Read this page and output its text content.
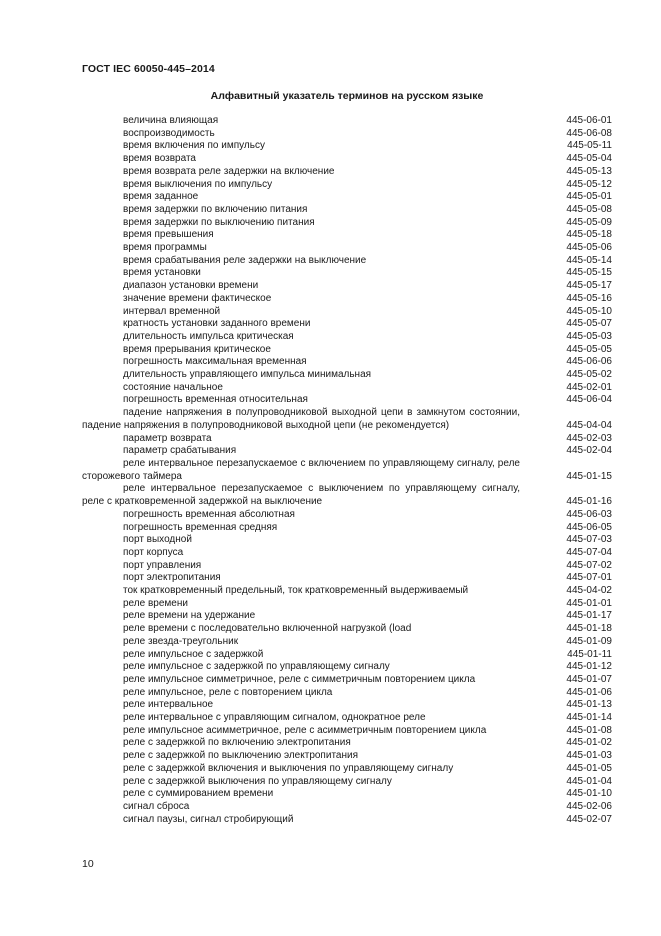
ГОСТ IEC 60050-445–2014
Алфавитный указатель терминов на русском языке
величина влияющая	445-06-01
воспроизводимость	445-06-08
время включения по импульсу	445-05-11
время возврата	445-05-04
время возврата реле задержки на включение	445-05-13
время выключения по импульсу	445-05-12
время заданное	445-05-01
время задержки по включению питания	445-05-08
время задержки по выключению питания	445-05-09
время превышения	445-05-18
время программы	445-05-06
время срабатывания реле задержки на выключение	445-05-14
время установки	445-05-15
диапазон установки времени	445-05-17
значение времени фактическое	445-05-16
интервал временной	445-05-10
кратность установки заданного времени	445-05-07
длительность импульса критическая	445-05-03
время прерывания критическое	445-05-05
погрешность максимальная временная	445-06-06
длительность управляющего импульса минимальная	445-05-02
состояние начальное	445-02-01
погрешность временная относительная	445-06-04
падение напряжения в полупроводниковой выходной цепи в замкнутом состоянии, падение напряжения в полупроводниковой выходной цепи (не рекомендуется)	445-04-04
параметр возврата	445-02-03
параметр срабатывания	445-02-04
реле интервальное перезапускаемое с включением по управляющему сигналу, реле сторожевого таймера	445-01-15
реле интервальное перезапускаемое с выключением по управляющему сигналу, реле с кратковременной задержкой на выключение	445-01-16
погрешность временная абсолютная	445-06-03
погрешность временная средняя	445-06-05
порт выходной	445-07-03
порт корпуса	445-07-04
порт управления	445-07-02
порт электропитания	445-07-01
ток кратковременный предельный, ток кратковременный выдерживаемый	445-04-02
реле времени	445-01-01
реле времени на удержание	445-01-17
реле времени с последовательно включенной нагрузкой (load	445-01-18
реле звезда-треугольник	445-01-09
реле импульсное с задержкой	445-01-11
реле импульсное с задержкой по управляющему сигналу	445-01-12
реле импульсное симметричное, реле с симметричным повторением цикла	445-01-07
реле импульсное, реле с повторением цикла	445-01-06
реле интервальное	445-01-13
реле интервальное с управляющим сигналом, однократное реле	445-01-14
реле импульсное асимметричное, реле с асимметричным повторением цикла	445-01-08
реле с задержкой по включению электропитания	445-01-02
реле с задержкой по выключению электропитания	445-01-03
реле с задержкой включения и выключения по управляющему сигналу	445-01-05
реле с задержкой выключения по управляющему сигналу	445-01-04
реле с суммированием времени	445-01-10
сигнал сброса	445-02-06
сигнал паузы, сигнал стробирующий	445-02-07
10
